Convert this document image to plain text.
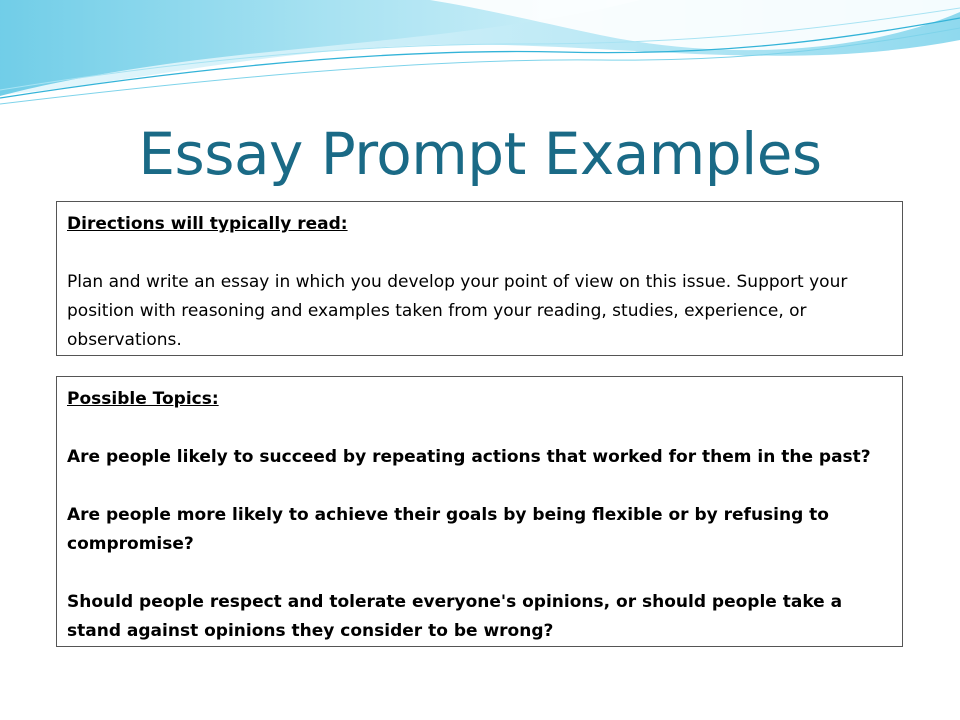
Essay Prompt Examples
Directions will typically read:
Plan and write an essay in which you develop your point of view on this issue. Support your position with reasoning and examples taken from your reading, studies, experience, or observations.
Possible Topics:
Are people likely to succeed by repeating actions that worked for them in the past?
Are people more likely to achieve their goals by being flexible or by refusing to compromise?
Should people respect and tolerate everyone's opinions, or should people take a stand against opinions they consider to be wrong?
